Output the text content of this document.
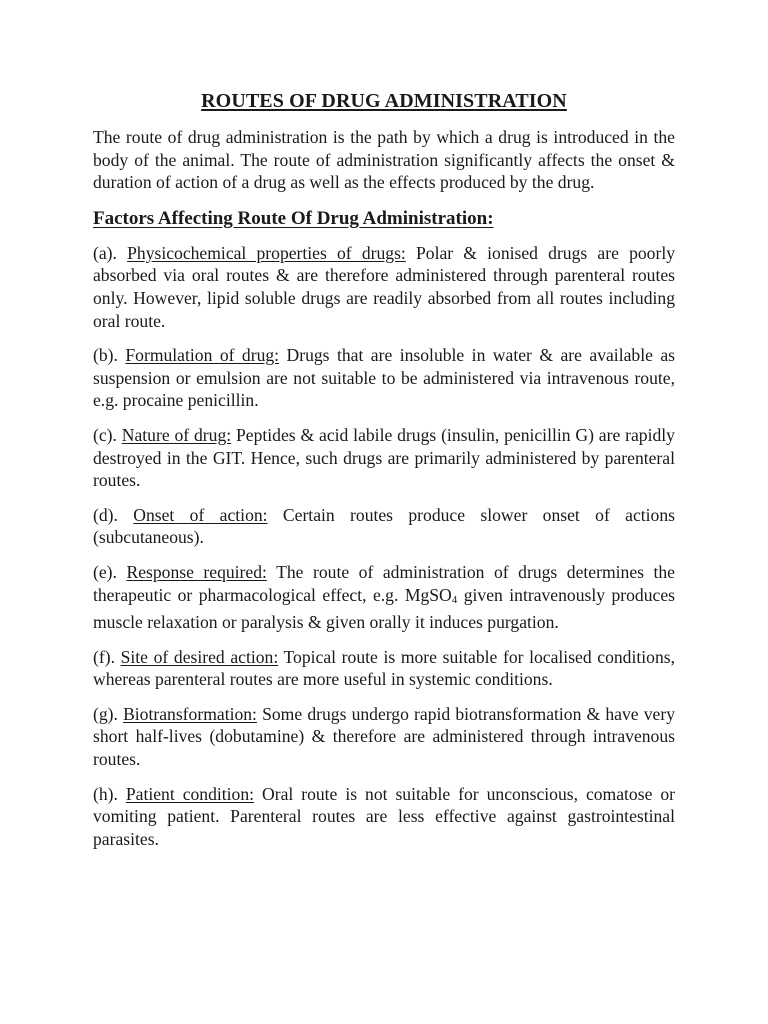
ROUTES OF DRUG ADMINISTRATION

The route of drug administration is the path by which a drug is introduced in the body of the animal. The route of administration significantly affects the onset & duration of action of a drug as well as the effects produced by the drug.

Factors Affecting Route Of Drug Administration:

(a). Physicochemical properties of drugs: Polar & ionised drugs are poorly absorbed via oral routes & are therefore administered through parenteral routes only. However, lipid soluble drugs are readily absorbed from all routes including oral route.

(b). Formulation of drug: Drugs that are insoluble in water & are available as suspension or emulsion are not suitable to be administered via intravenous route, e.g. procaine penicillin.

(c). Nature of drug: Peptides & acid labile drugs (insulin, penicillin G) are rapidly destroyed in the GIT. Hence, such drugs are primarily administered by parenteral routes.

(d). Onset of action: Certain routes produce slower onset of actions (subcutaneous).

(e). Response required: The route of administration of drugs determines the therapeutic or pharmacological effect, e.g. MgSO$_4$ given intravenously produces muscle relaxation or paralysis & given orally it induces purgation.

(f). Site of desired action: Topical route is more suitable for localised conditions, whereas parenteral routes are more useful in systemic conditions.

(g). Biotransformation: Some drugs undergo rapid biotransformation & have very short half-lives (dobutamine) & therefore are administered through intravenous routes.

(h). Patient condition: Oral route is not suitable for unconscious, comatose or vomiting patient. Parenteral routes are less effective against gastrointestinal parasites.
